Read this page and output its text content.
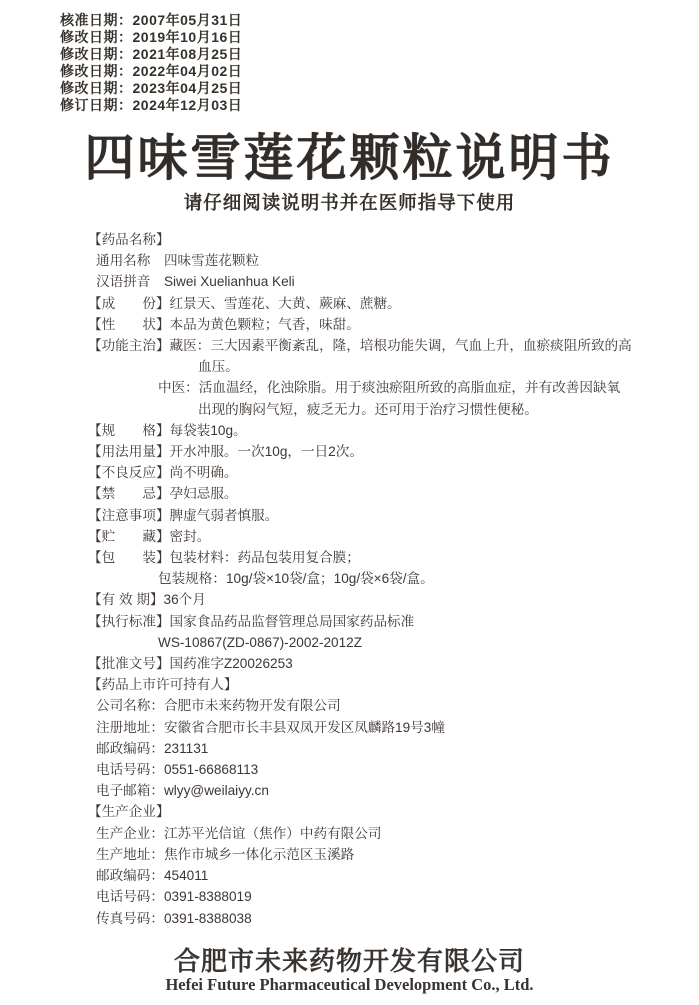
核准日期：2007年05月31日
修改日期：2019年10月16日
修改日期：2021年08月25日
修改日期：2022年04月02日
修改日期：2023年04月25日
修订日期：2024年12月03日
四味雪莲花颗粒说明书
请仔细阅读说明书并在医师指导下使用
【药品名称】
通用名称　四味雪莲花颗粒
汉语拼音　Siwei Xuelianhua Keli
【成　　份】红景天、雪莲花、大黄、蕨麻、蔗糖。
【性　　状】本品为黄色颗粒；气香，味甜。
【功能主治】藏医：三大因素平衡紊乱，隆，培根功能失调，气血上升，血瘀痰阻所致的高
血压。
中医：活血温经，化浊除脂。用于痰浊瘀阻所致的高脂血症，并有改善因缺氧
出现的胸闷气短，疲乏无力。还可用于治疗习惯性便秘。
【规　　格】每袋装10g。
【用法用量】开水冲服。一次10g，一日2次。
【不良反应】尚不明确。
【禁　　忌】孕妇忌服。
【注意事项】脾虚气弱者慎服。
【贮　　藏】密封。
【包　　装】包装材料：药品包装用复合膜；
包装规格：10g/袋×10袋/盒；10g/袋×6袋/盒。
【有 效 期】36个月
【执行标准】国家食品药品监督管理总局国家药品标准
WS-10867(ZD-0867)-2002-2012Z
【批准文号】国药准字Z20026253
【药品上市许可持有人】
公司名称：合肥市未来药物开发有限公司
注册地址：安徽省合肥市长丰县双凤开发区凤麟路19号3幢
邮政编码：231131
电话号码：0551-66868113
电子邮箱：wlyy@weilaiyy.cn
【生产企业】
生产企业：江苏平光信谊（焦作）中药有限公司
生产地址：焦作市城乡一体化示范区玉溪路
邮政编码：454011
电话号码：0391-8388019
传真号码：0391-8388038
合肥市未来药物开发有限公司
Hefei Future Pharmaceutical Development Co., Ltd.
